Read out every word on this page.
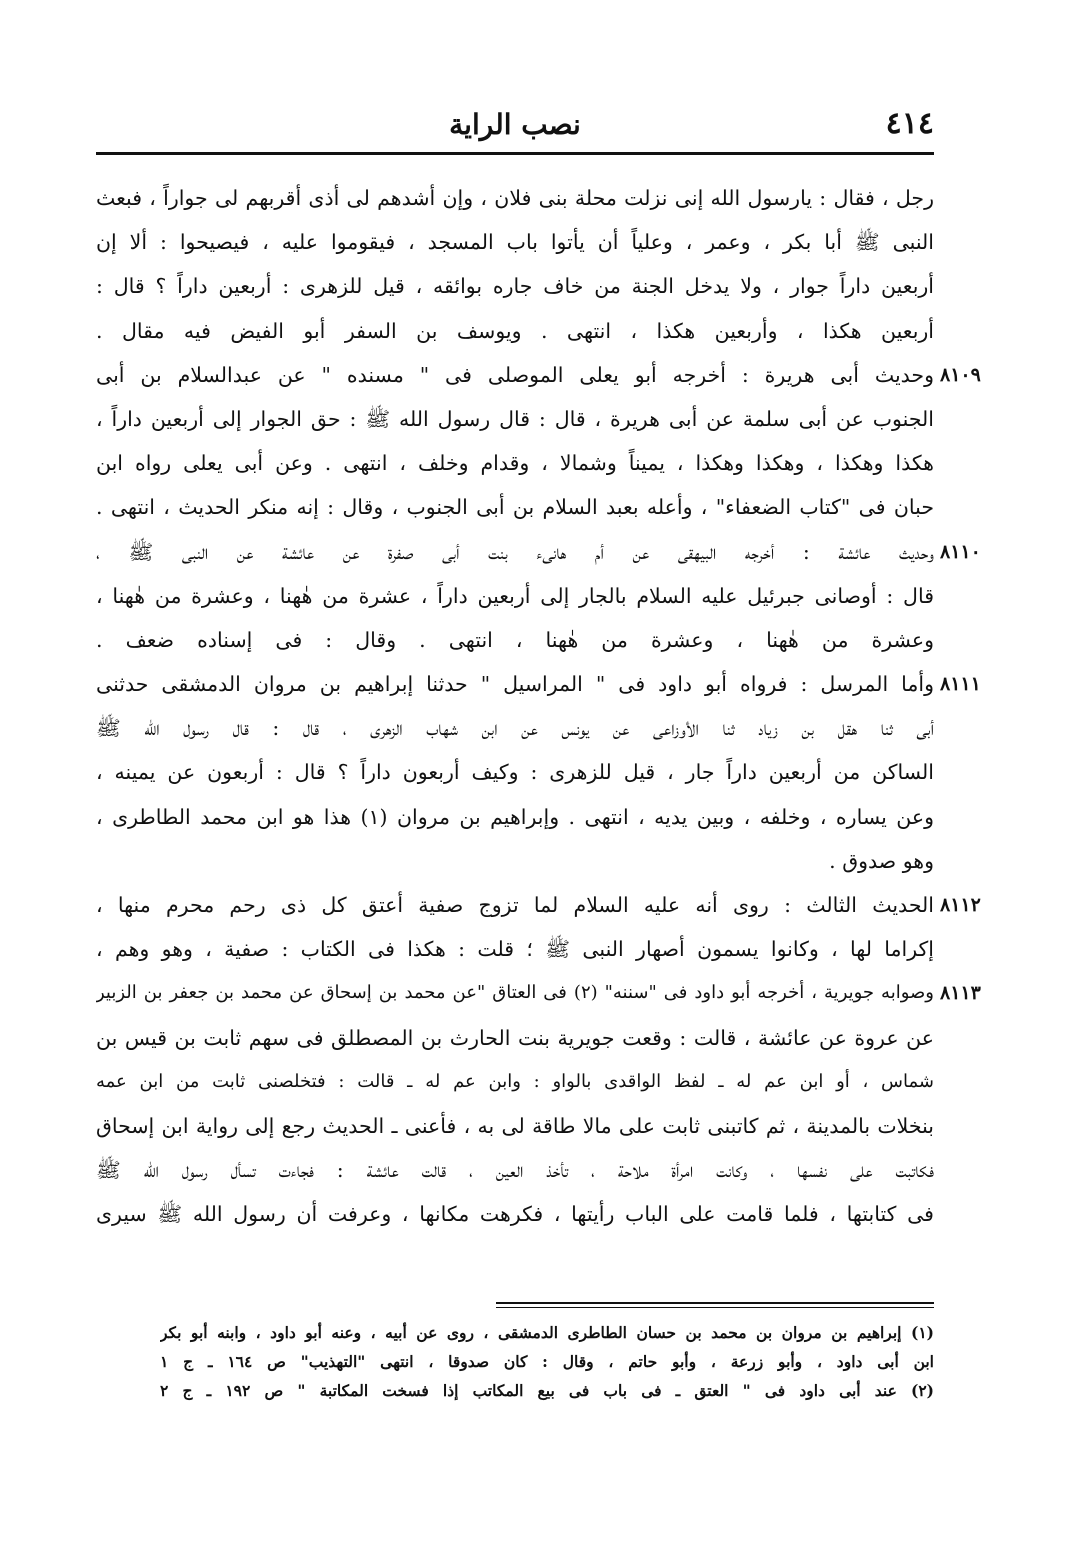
٤١٤
نصب الراية
رجل ، فقال : يارسول الله إنى نزلت محلة بنى فلان ، وإن أشدهم لى أذى أقربهم لى جواراً ، فبعث
النبى ﷺ أبا بكر ، وعمر ، وعلياً أن يأتوا باب المسجد ، فيقوموا عليه ، فيصيحوا : ألا إن
أربعين داراً جوار ، ولا يدخل الجنة من خاف جاره بوائقه ، قيل للزهرى : أربعين داراً ؟ قال :
أربعين هكذا ، وأربعين هكذا ، انتهى . ويوسف بن السفر أبو الفيض فيه مقال .
٨١٠٩
وحديث أبى هريرة : أخرجه أبو يعلى الموصلى فى " مسنده " عن عبدالسلام بن أبى
الجنوب عن أبى سلمة عن أبى هريرة ، قال : قال رسول الله ﷺ : حق الجوار إلى أربعين داراً ،
هكذا وهكذا ، وهكذا وهكذا ، يميناً وشمالا ، وقدام وخلف ، انتهى . وعن أبى يعلى رواه ابن
حبان فى "كتاب الضعفاء" ، وأعله بعبد السلام بن أبى الجنوب ، وقال : إنه منكر الحديث ، انتهى .
٨١١٠
وحديث عائشة : أخرجه البيهقى عن أم هانىء بنت أبى صفرة عن عائشة عن النبى ﷺ ،
قال : أوصانى جبرئيل عليه السلام بالجار إلى أربعين داراً ، عشرة من هٰهنا ، وعشرة من هٰهنا ،
وعشرة من هٰهنا ، وعشرة من هٰهنا ، انتهى . وقال : فى إسناده ضعف .
٨١١١
وأما المرسل : فرواه أبو داود فى " المراسيل " حدثنا إبراهيم بن مروان الدمشقى حدثنى
أبى ثنا هقل بن زياد ثنا الأوزاعى عن يونس عن ابن شهاب الزهرى ، قال : قال رسول الله ﷺ
الساكن من أربعين داراً جار ، قيل للزهرى : وكيف أربعون داراً ؟ قال : أربعون عن يمينه ،
وعن يساره ، وخلفه ، وبين يديه ، انتهى . وإبراهيم بن مروان (١) هذا هو ابن محمد الطاطرى ،
وهو صدوق .
٨١١٢
الحديث الثالث : روى أنه عليه السلام لما تزوج صفية أعتق كل ذى رحم محرم منها ،
إكراما لها ، وكانوا يسمون أصهار النبى ﷺ ؛ قلت : هكذا فى الكتاب : صفية ، وهو وهم ،
٨١١٣
وصوابه جويرية ، أخرجه أبو داود فى "سننه" (٢) فى العتاق "عن محمد بن إسحاق عن محمد بن جعفر بن الزبير
عن عروة عن عائشة ، قالت : وقعت جويرية بنت الحارث بن المصطلق فى سهم ثابت بن قيس بن
شماس ، أو ابن عم له ـ لفظ الواقدى بالواو : وابن عم له ـ قالت : فتخلصنى ثابت من ابن عمه
بنخلات بالمدينة ، ثم كاتبنى ثابت على مالا طاقة لى به ، فأعنى ـ الحديث رجع إلى رواية ابن إسحاق
فكاتبت على نفسها ، وكانت امرأة ملاحة ، تأخذ العين ، قالت عائشة : فجاءت تسأل رسول الله ﷺ
فى كتابتها ، فلما قامت على الباب رأيتها ، فكرهت مكانها ، وعرفت أن رسول الله ﷺ سيرى
(١) إبراهيم بن مروان بن محمد بن حسان الطاطرى الدمشقى ، روى عن أبيه ، وعنه أبو داود ، وابنه أبو بكر
ابن أبى داود ، وأبو زرعة ، وأبو حاتم ، وقال : كان صدوقا ، انتهى "التهذيب" ص ١٦٤ ـ ج ١
(٢) عند أبى داود فى " العتق ـ فى باب فى بيع المكاتب إذا فسخت المكاتبة " ص ١٩٢ ـ ج ٢
